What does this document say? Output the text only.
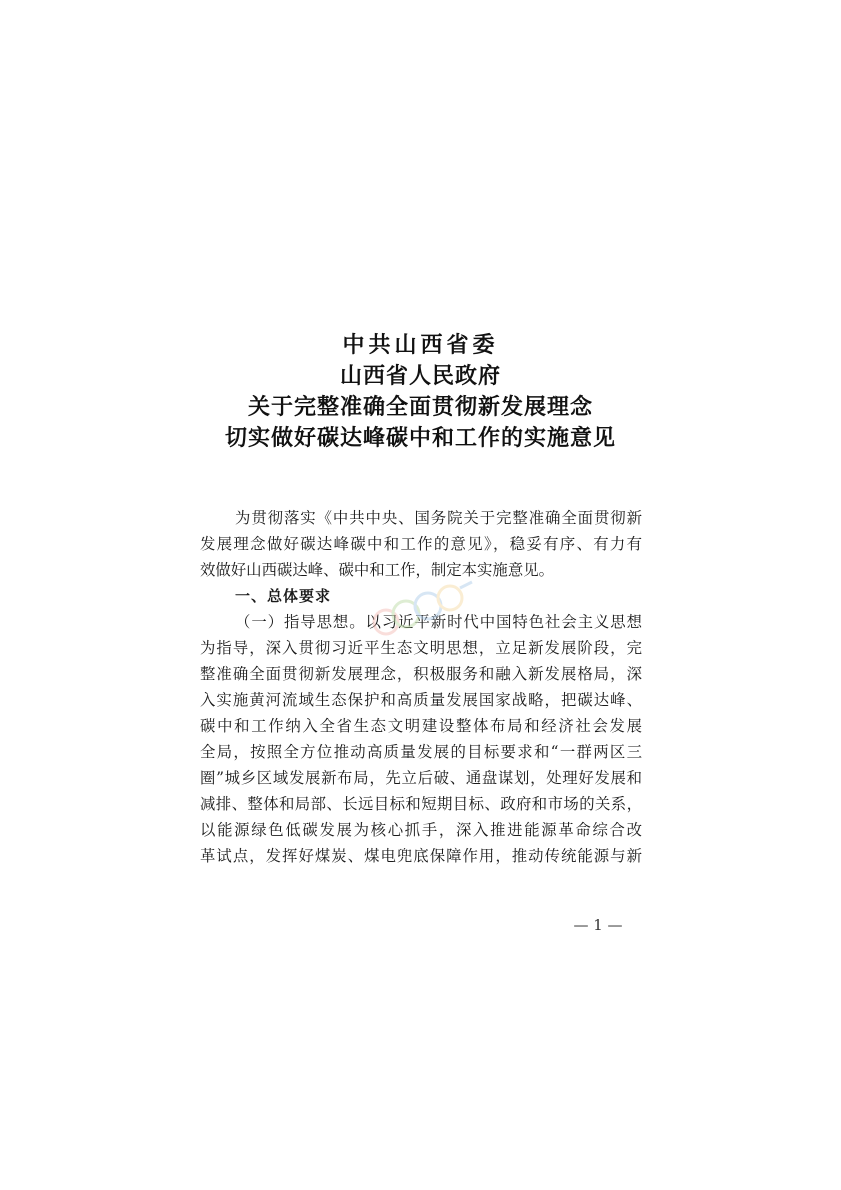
中共山西省委
山西省人民政府
关于完整准确全面贯彻新发展理念
切实做好碳达峰碳中和工作的实施意见
为贯彻落实《中共中央、国务院关于完整准确全面贯彻新
发展理念做好碳达峰碳中和工作的意见》，稳妥有序、有力有
效做好山西碳达峰、碳中和工作，制定本实施意见。
一、总体要求
（一）指导思想。以习近平新时代中国特色社会主义思想
为指导，深入贯彻习近平生态文明思想，立足新发展阶段，完
整准确全面贯彻新发展理念，积极服务和融入新发展格局，深
入实施黄河流域生态保护和高质量发展国家战略，把碳达峰、
碳中和工作纳入全省生态文明建设整体布局和经济社会发展
全局，按照全方位推动高质量发展的目标要求和“一群两区三
圈”城乡区域发展新布局，先立后破、通盘谋划，处理好发展和
减排、整体和局部、长远目标和短期目标、政府和市场的关系，
以能源绿色低碳发展为核心抓手，深入推进能源革命综合改
革试点，发挥好煤炭、煤电兜底保障作用，推动传统能源与新
— 1 —
